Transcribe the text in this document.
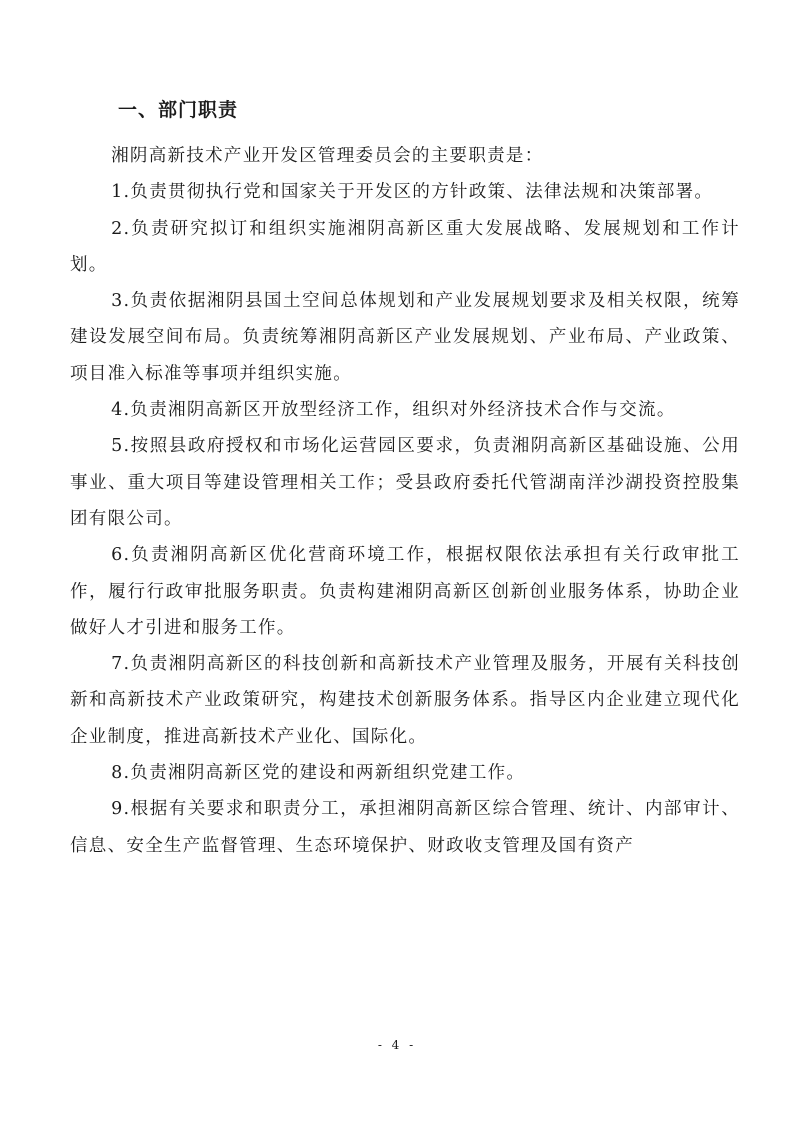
一、部门职责

湘阴高新技术产业开发区管理委员会的主要职责是：

1.负责贯彻执行党和国家关于开发区的方针政策、法律法规和决策部署。

2.负责研究拟订和组织实施湘阴高新区重大发展战略、发展规划和工作计划。

3.负责依据湘阴县国土空间总体规划和产业发展规划要求及相关权限，统筹建设发展空间布局。负责统筹湘阴高新区产业发展规划、产业布局、产业政策、项目准入标准等事项并组织实施。

4.负责湘阴高新区开放型经济工作，组织对外经济技术合作与交流。

5.按照县政府授权和市场化运营园区要求，负责湘阴高新区基础设施、公用事业、重大项目等建设管理相关工作；受县政府委托代管湖南洋沙湖投资控股集团有限公司。

6.负责湘阴高新区优化营商环境工作，根据权限依法承担有关行政审批工作，履行行政审批服务职责。负责构建湘阴高新区创新创业服务体系，协助企业做好人才引进和服务工作。

7.负责湘阴高新区的科技创新和高新技术产业管理及服务，开展有关科技创新和高新技术产业政策研究，构建技术创新服务体系。指导区内企业建立现代化企业制度，推进高新技术产业化、国际化。

8.负责湘阴高新区党的建设和两新组织党建工作。

9.根据有关要求和职责分工，承担湘阴高新区综合管理、统计、内部审计、信息、安全生产监督管理、生态环境保护、财政收支管理及国有资产

- 4 -
